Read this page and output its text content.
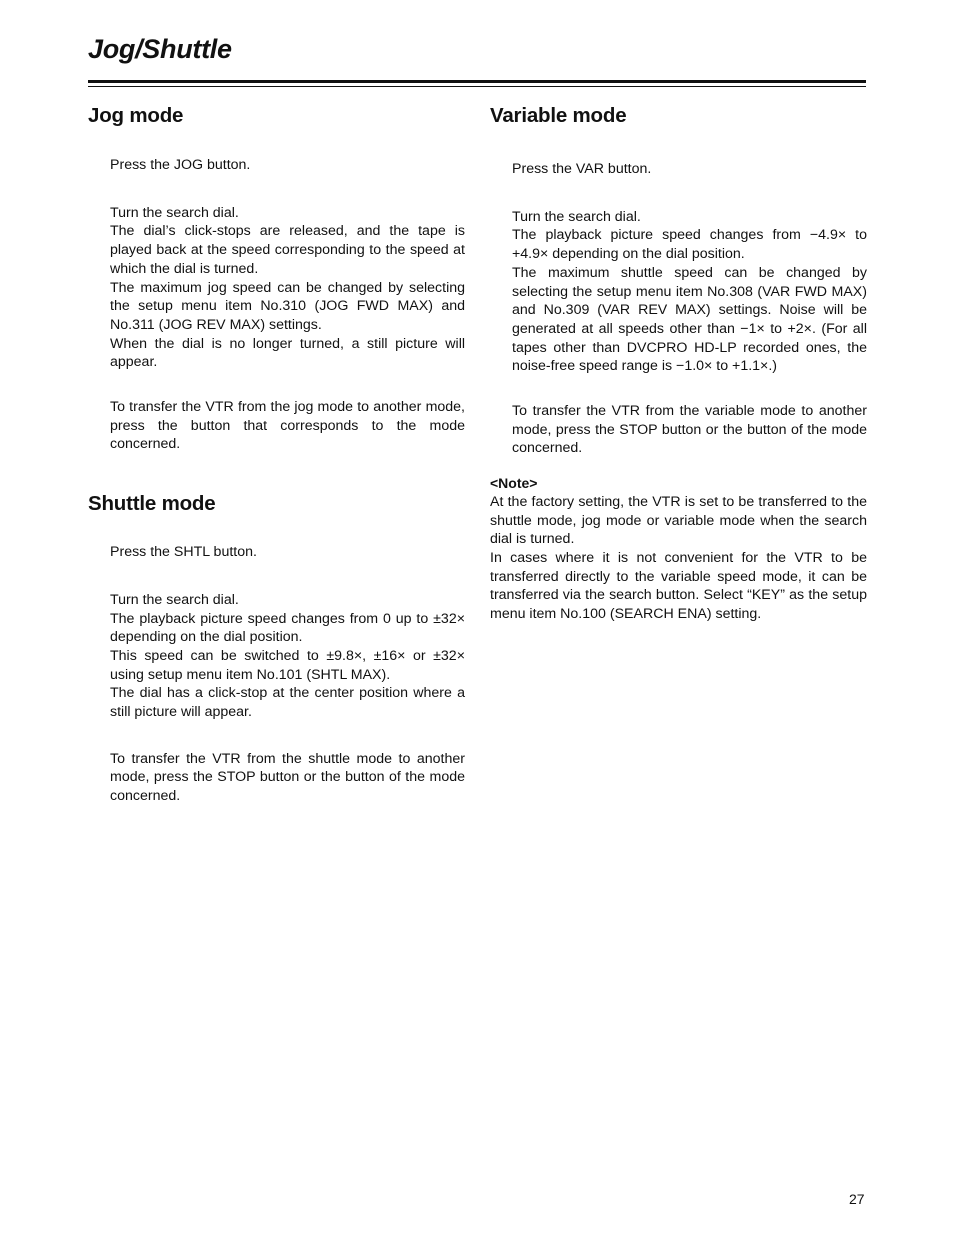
Jog/Shuttle
Jog mode

Press the JOG button.

Turn the search dial.

The dial’s click-stops are released, and the tape is played back at the speed corresponding to the speed at which the dial is turned.

The maximum jog speed can be changed by selecting the setup menu item No.310 (JOG FWD MAX) and No.311 (JOG REV MAX) settings.

When the dial is no longer turned, a still picture will appear.

To transfer the VTR from the jog mode to another mode, press the button that corresponds to the mode concerned.

Shuttle mode

Press the SHTL button.

Turn the search dial.

The playback picture speed changes from 0 up to ±32× depending on the dial position.

This speed can be switched to ±9.8×, ±16× or ±32× using setup menu item No.101 (SHTL MAX).

The dial has a click-stop at the center position where a still picture will appear.

To transfer the VTR from the shuttle mode to another mode, press the STOP button or the button of the mode concerned.

Variable mode

Press the VAR button.

Turn the search dial.

The playback picture speed changes from −4.9× to +4.9× depending on the dial position.

The maximum shuttle speed can be changed by selecting the setup menu item No.308 (VAR FWD MAX) and No.309 (VAR REV MAX) settings. Noise will be generated at all speeds other than −1× to +2×. (For all tapes other than DVCPRO HD-LP recorded ones, the noise-free speed range is −1.0× to +1.1×.)

To transfer the VTR from the variable mode to another mode, press the STOP button or the button of the mode concerned.

<Note>

At the factory setting, the VTR is set to be transferred to the shuttle mode, jog mode or variable mode when the search dial is turned.

In cases where it is not convenient for the VTR to be transferred directly to the variable speed mode, it can be transferred via the search button. Select “KEY” as the setup menu item No.100 (SEARCH ENA) setting.

27
